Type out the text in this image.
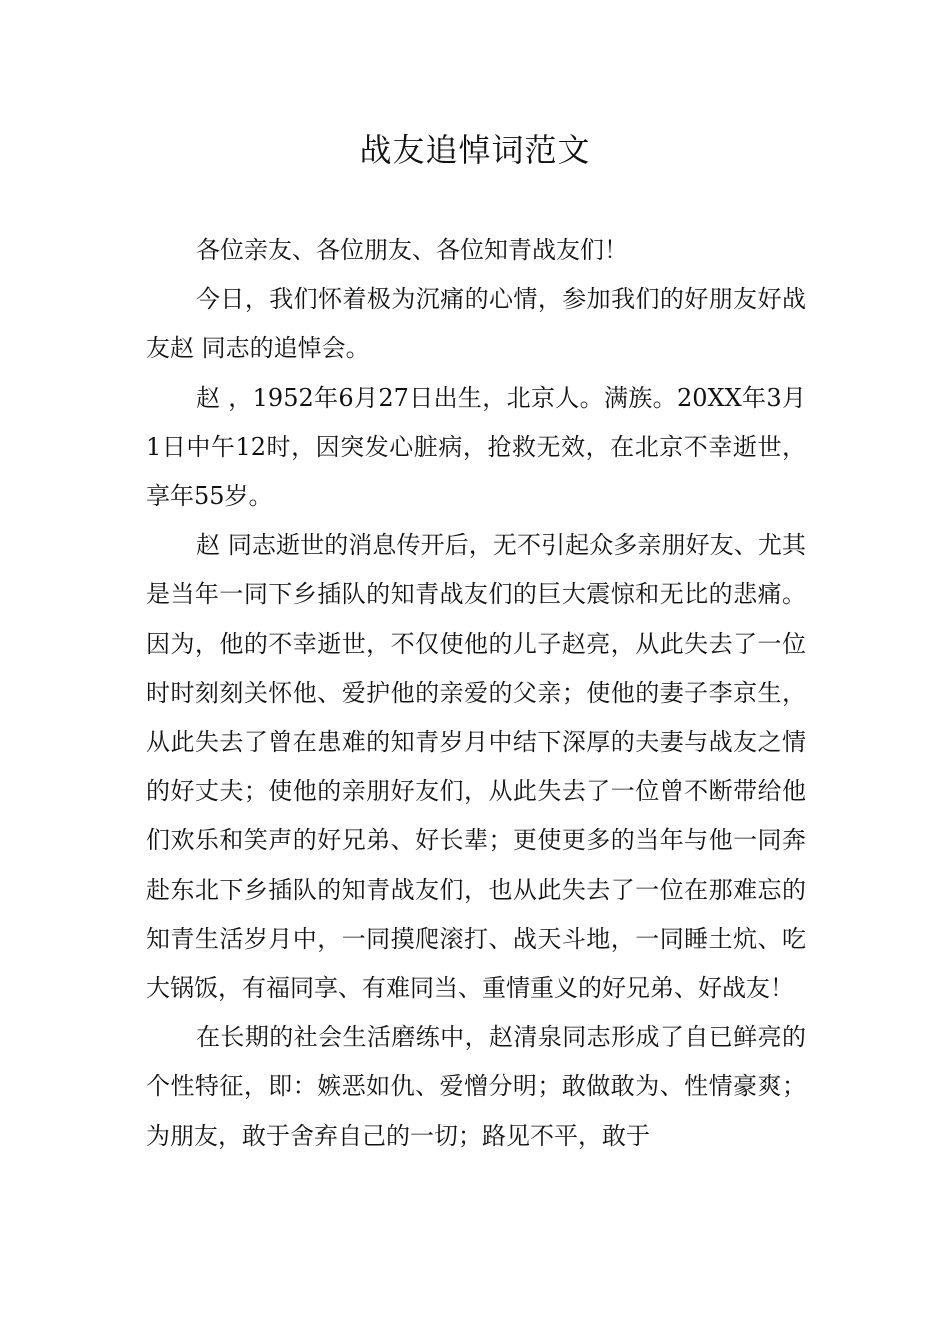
战友追悼词范文

各位亲友、各位朋友、各位知青战友们！

今日，我们怀着极为沉痛的心情，参加我们的好朋友好战友赵 同志的追悼会。

赵 ，1952年6月27日出生，北京人。满族。20XX年3月1日中午12时，因突发心脏病，抢救无效，在北京不幸逝世，享年55岁。

赵 同志逝世的消息传开后，无不引起众多亲朋好友、尤其是当年一同下乡插队的知青战友们的巨大震惊和无比的悲痛。因为，他的不幸逝世，不仅使他的儿子赵亮，从此失去了一位时时刻刻关怀他、爱护他的亲爱的父亲；使他的妻子李京生，从此失去了曾在患难的知青岁月中结下深厚的夫妻与战友之情的好丈夫；使他的亲朋好友们，从此失去了一位曾不断带给他们欢乐和笑声的好兄弟、好长辈；更使更多的当年与他一同奔赴东北下乡插队的知青战友们，也从此失去了一位在那难忘的知青生活岁月中，一同摸爬滚打、战天斗地，一同睡土炕、吃大锅饭，有福同享、有难同当、重情重义的好兄弟、好战友！

在长期的社会生活磨练中，赵清泉同志形成了自已鲜亮的个性特征，即：嫉恶如仇、爱憎分明；敢做敢为、性情豪爽；为朋友，敢于舍弃自己的一切；路见不平，敢于
